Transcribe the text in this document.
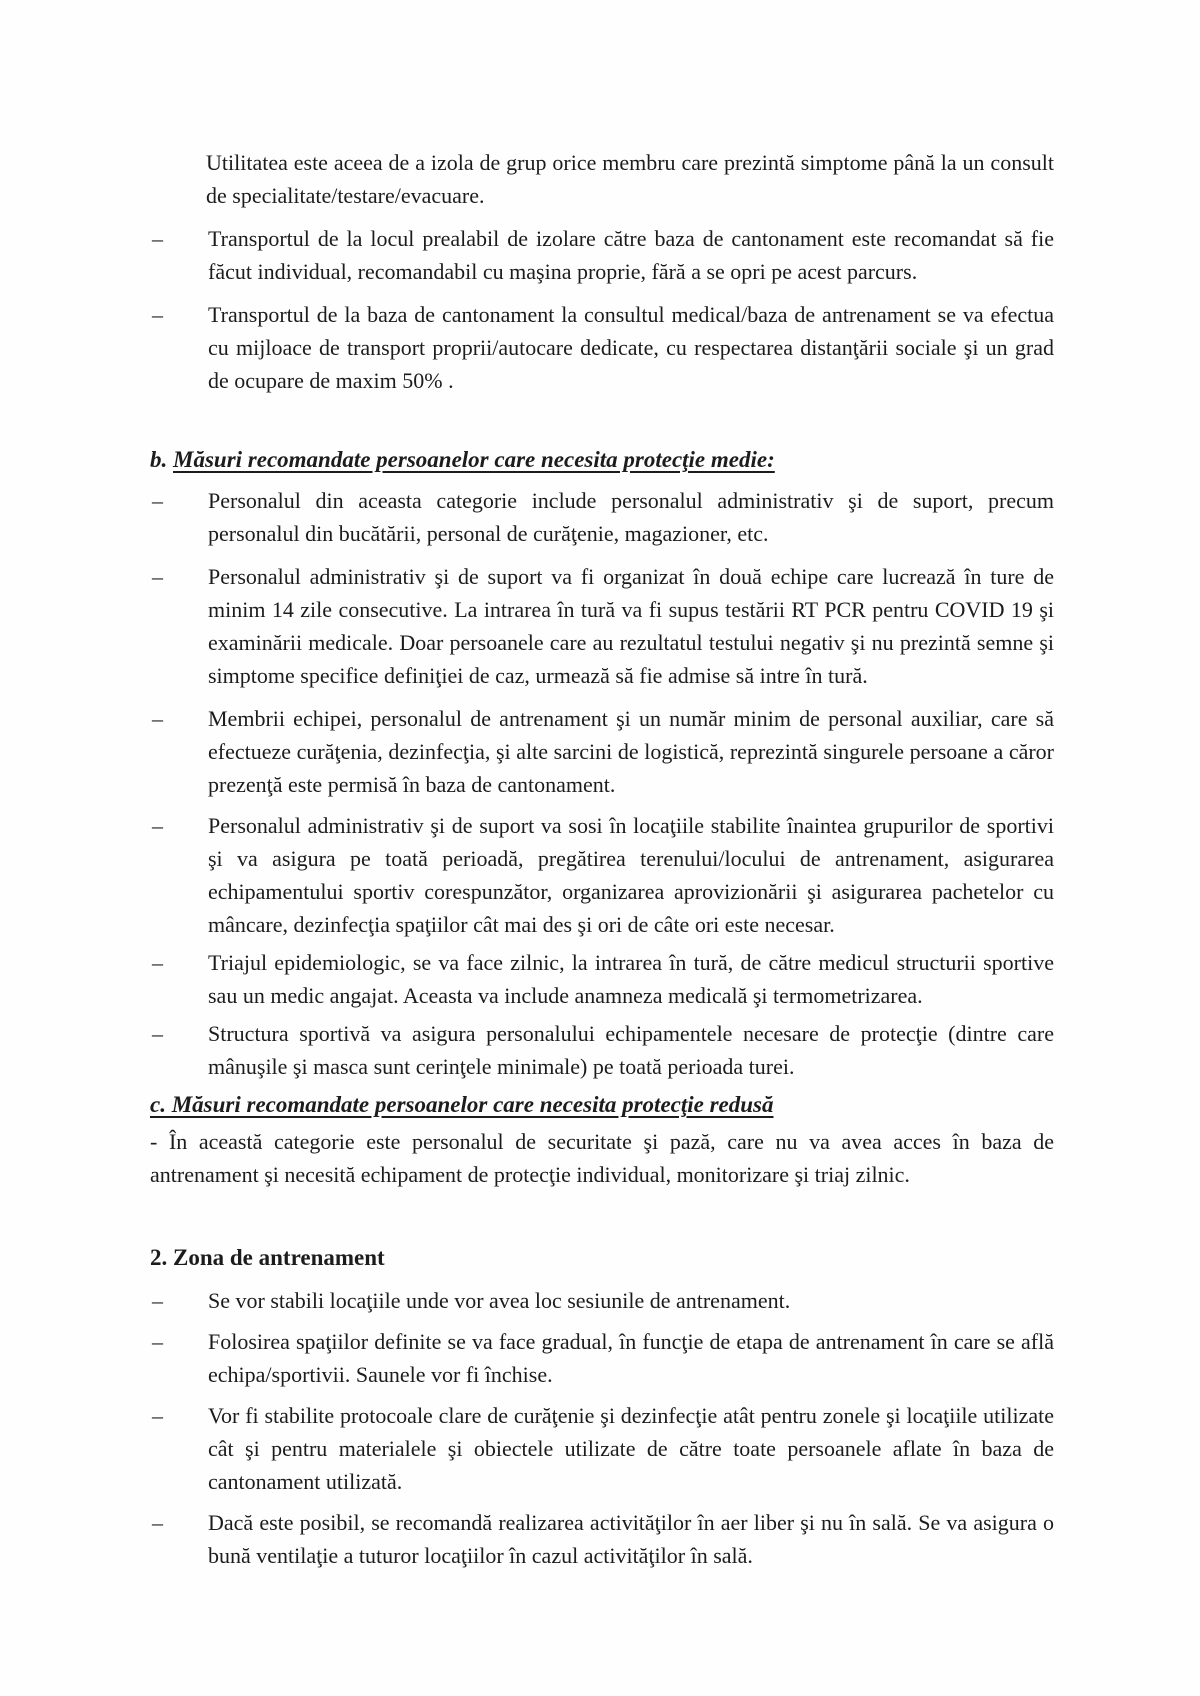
Utilitatea este aceea de a izola de grup orice membru care prezintă simptome până la un consult de specialitate/testare/evacuare.

–	Transportul de la locul prealabil de izolare către baza de cantonament este recomandat să fie făcut individual, recomandabil cu maşina proprie, fără a se opri pe acest parcurs.

–	Transportul de la baza de cantonament la consultul medical/baza de antrenament se va efectua cu mijloace de transport proprii/autocare dedicate, cu respectarea distanţării sociale şi un grad de ocupare de maxim 50% .

b. Măsuri recomandate persoanelor care necesita protecţie medie:
–	Personalul din aceasta categorie include personalul administrativ şi de suport, precum personalul din bucătării, personal de curăţenie, magazioner, etc.

–	Personalul administrativ şi de suport va fi organizat în două echipe care lucrează în ture de minim 14 zile consecutive. La intrarea în tură va fi supus testării RT PCR pentru COVID 19 şi examinării medicale. Doar persoanele care au rezultatul testului negativ şi nu prezintă semne şi simptome specifice definiţiei de caz, urmează să fie admise să intre în tură.

–	Membrii echipei, personalul de antrenament şi un număr minim de personal auxiliar, care să efectueze curăţenia, dezinfecţia, şi alte sarcini de logistică, reprezintă singurele persoane a căror prezenţă este permisă în baza de cantonament.

–	Personalul administrativ şi de suport va sosi în locaţiile stabilite înaintea grupurilor de sportivi şi va asigura pe toată perioadă, pregătirea terenului/locului de antrenament, asigurarea echipamentului sportiv corespunzător, organizarea aprovizionării şi asigurarea pachetelor cu mâncare, dezinfecţia spaţiilor cât mai des şi ori de câte ori este necesar.

–	Triajul epidemiologic, se va face zilnic, la intrarea în tură, de către medicul structurii sportive sau un medic angajat. Aceasta va include anamneza medicală şi termometrizarea.

–	Structura sportivă va asigura personalului echipamentele necesare de protecţie (dintre care mânuşile şi masca sunt cerinţele minimale) pe toată perioada turei.

c. Măsuri recomandate persoanelor care necesita protecţie redusă

- În această categorie este personalul de securitate şi pază, care nu va avea acces în baza de antrenament şi necesită echipament de protecţie individual, monitorizare şi triaj zilnic.

2. Zona de antrenament
–	Se vor stabili locaţiile unde vor avea loc sesiunile de antrenament.

–	Folosirea spaţiilor definite se va face gradual, în funcţie de etapa de antrenament în care se află echipa/sportivii. Saunele vor fi închise.

–	Vor fi stabilite protocoale clare de curăţenie şi dezinfecţie atât pentru zonele şi locaţiile utilizate cât şi pentru materialele şi obiectele utilizate de către toate persoanele aflate în baza de cantonament utilizată.

–	Dacă este posibil, se recomandă realizarea activităţilor în aer liber şi nu în sală. Se va asigura o bună ventilaţie a tuturor locaţiilor în cazul activităţilor în sală.
